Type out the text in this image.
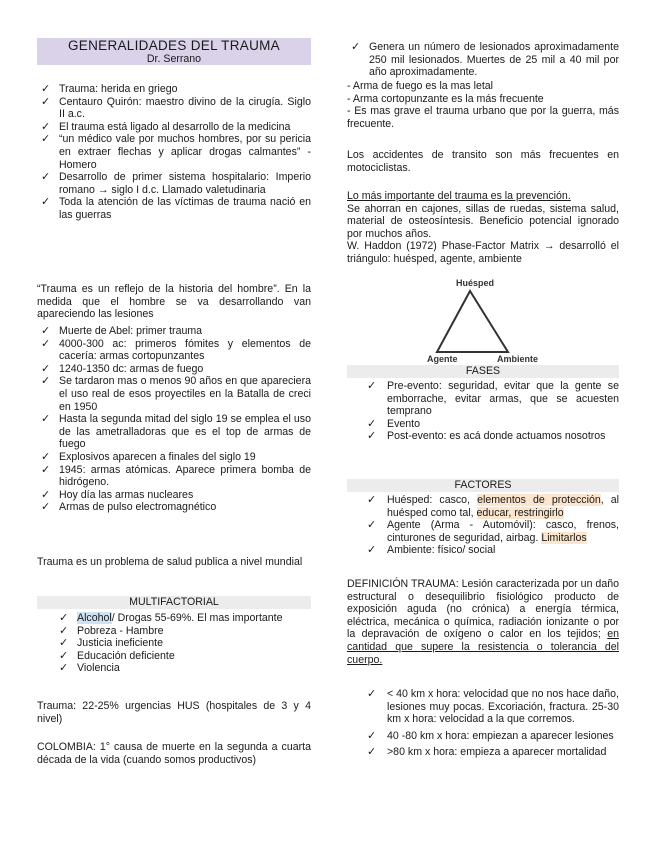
GENERALIDADES DEL TRAUMA
Dr. Serrano
✓ Trauma: herida en griego
✓ Centauro Quirón: maestro divino de la cirugía. Siglo II a.c.
✓ El trauma está ligado al desarrollo de la medicina
✓ “un médico vale por muchos hombres, por su pericia en extraer flechas y aplicar drogas calmantes” -Homero
✓ Desarrollo de primer sistema hospitalario: Imperio romano → siglo I d.c. Llamado valetudinaria
✓ Toda la atención de las víctimas de trauma nació en las guerras

“Trauma es un reflejo de la historia del hombre”. En la medida que el hombre se va desarrollando van apareciendo las lesiones

✓ Muerte de Abel: primer trauma
✓ 4000-300 ac: primeros fómites y elementos de cacería: armas cortopunzantes
✓ 1240-1350 dc: armas de fuego
✓ Se tardaron mas o menos 90 años en que apareciera el uso real de esos proyectiles en la Batalla de creci en 1950
✓ Hasta la segunda mitad del siglo 19 se emplea el uso de las ametralladoras que es el top de armas de fuego
✓ Explosivos aparecen a finales del siglo 19
✓ 1945: armas atómicas. Aparece primera bomba de hidrógeno.
✓ Hoy día las armas nucleares
✓ Armas de pulso electromagnético

Trauma es un problema de salud publica a nivel mundial

MULTIFACTORIAL
✓ Alcohol/ Drogas 55-69%. El mas importante
✓ Pobreza - Hambre
✓ Justicia ineficiente
✓ Educación deficiente
✓ Violencia

Trauma: 22-25% urgencias HUS (hospitales de 3 y 4 nivel)

COLOMBIA: 1° causa de muerte en la segunda a cuarta década de la vida (cuando somos productivos)

✓ Genera un número de lesionados aproximadamente 250 mil lesionados. Muertes de 25 mil a 40 mil por año aproximadamente.

- Arma de fuego es la mas letal

- Arma cortopunzante es la más frecuente

- Es mas grave el trauma urbano que por la guerra, más frecuente.

Los accidentes de transito son más frecuentes en motociclistas.

Lo más importante del trauma es la prevención.

Se ahorran en cajones, sillas de ruedas, sistema salud, material de osteosíntesis. Beneficio potencial ignorado por muchos años.

W. Haddon (1972) Phase-Factor Matrix → desarrolló el triángulo: huésped, agente, ambiente

Huésped
Agente	Ambiente
FASES
✓ Pre-evento: seguridad, evitar que la gente se emborrache, evitar armas, que se acuesten temprano
✓ Evento
✓ Post-evento: es acá donde actuamos nosotros
FACTORES
✓ Huésped: casco, elementos de protección, al huésped como tal, educar, restringirlo
✓ Agente (Arma - Automóvil): casco, frenos, cinturones de seguridad, airbag. Limitarlos
✓ Ambiente: físico/ social

DEFINICIÓN TRAUMA: Lesión caracterizada por un daño estructural o desequilibrio fisiológico producto de exposición aguda (no crónica) a energía térmica, eléctrica, mecánica o química, radiación ionizante o por la depravación de oxígeno o calor en los tejidos; en cantidad que supere la resistencia o tolerancia del cuerpo.

✓ < 40 km x hora: velocidad que no nos hace daño, lesiones muy pocas. Excoriación, fractura. 25-30 km x hora: velocidad a la que corremos.
✓ 40 -80 km x hora: empiezan a aparecer lesiones
✓ >80 km x hora: empieza a aparecer mortalidad
